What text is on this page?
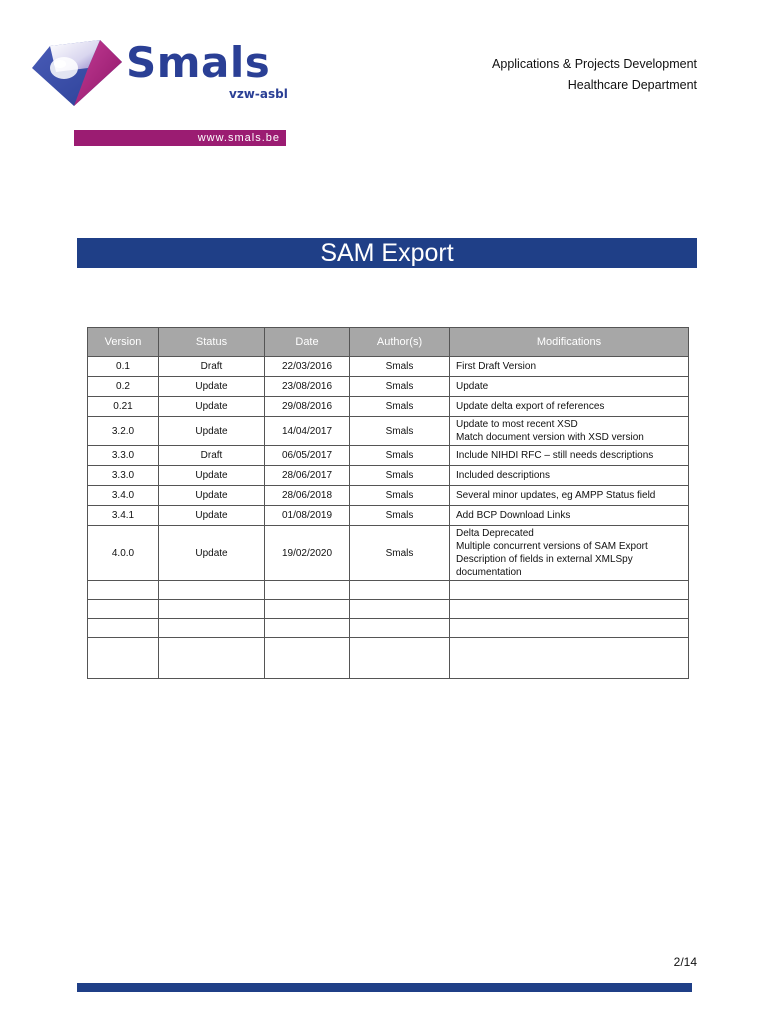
Smals
vzw-asbl
www.smals.be
Applications & Projects Development
Healthcare Department
SAM Export
Version	Status	Date	Author(s)	Modifications
0.1	Draft	22/03/2016	Smals	First Draft Version

0.2	Update	23/08/2016	Smals	Update

0.21	Update	29/08/2016	Smals	Update delta export of references

3.2.0	Update	14/04/2017	Smals	Update to most recent XSD
Match document version with XSD version

3.3.0	Draft	06/05/2017	Smals	Include NIHDI RFC – still needs descriptions

3.3.0	Update	28/06/2017	Smals	Included descriptions

3.4.0	Update	28/06/2018	Smals	Several minor updates, eg AMPP Status field

3.4.1	Update	01/08/2019	Smals	Add BCP Download Links

4.0.0	Update	19/02/2020	Smals	Delta Deprecated
Multiple concurrent versions of SAM Export
Description of fields in external XMLSpy
documentation

2/14
